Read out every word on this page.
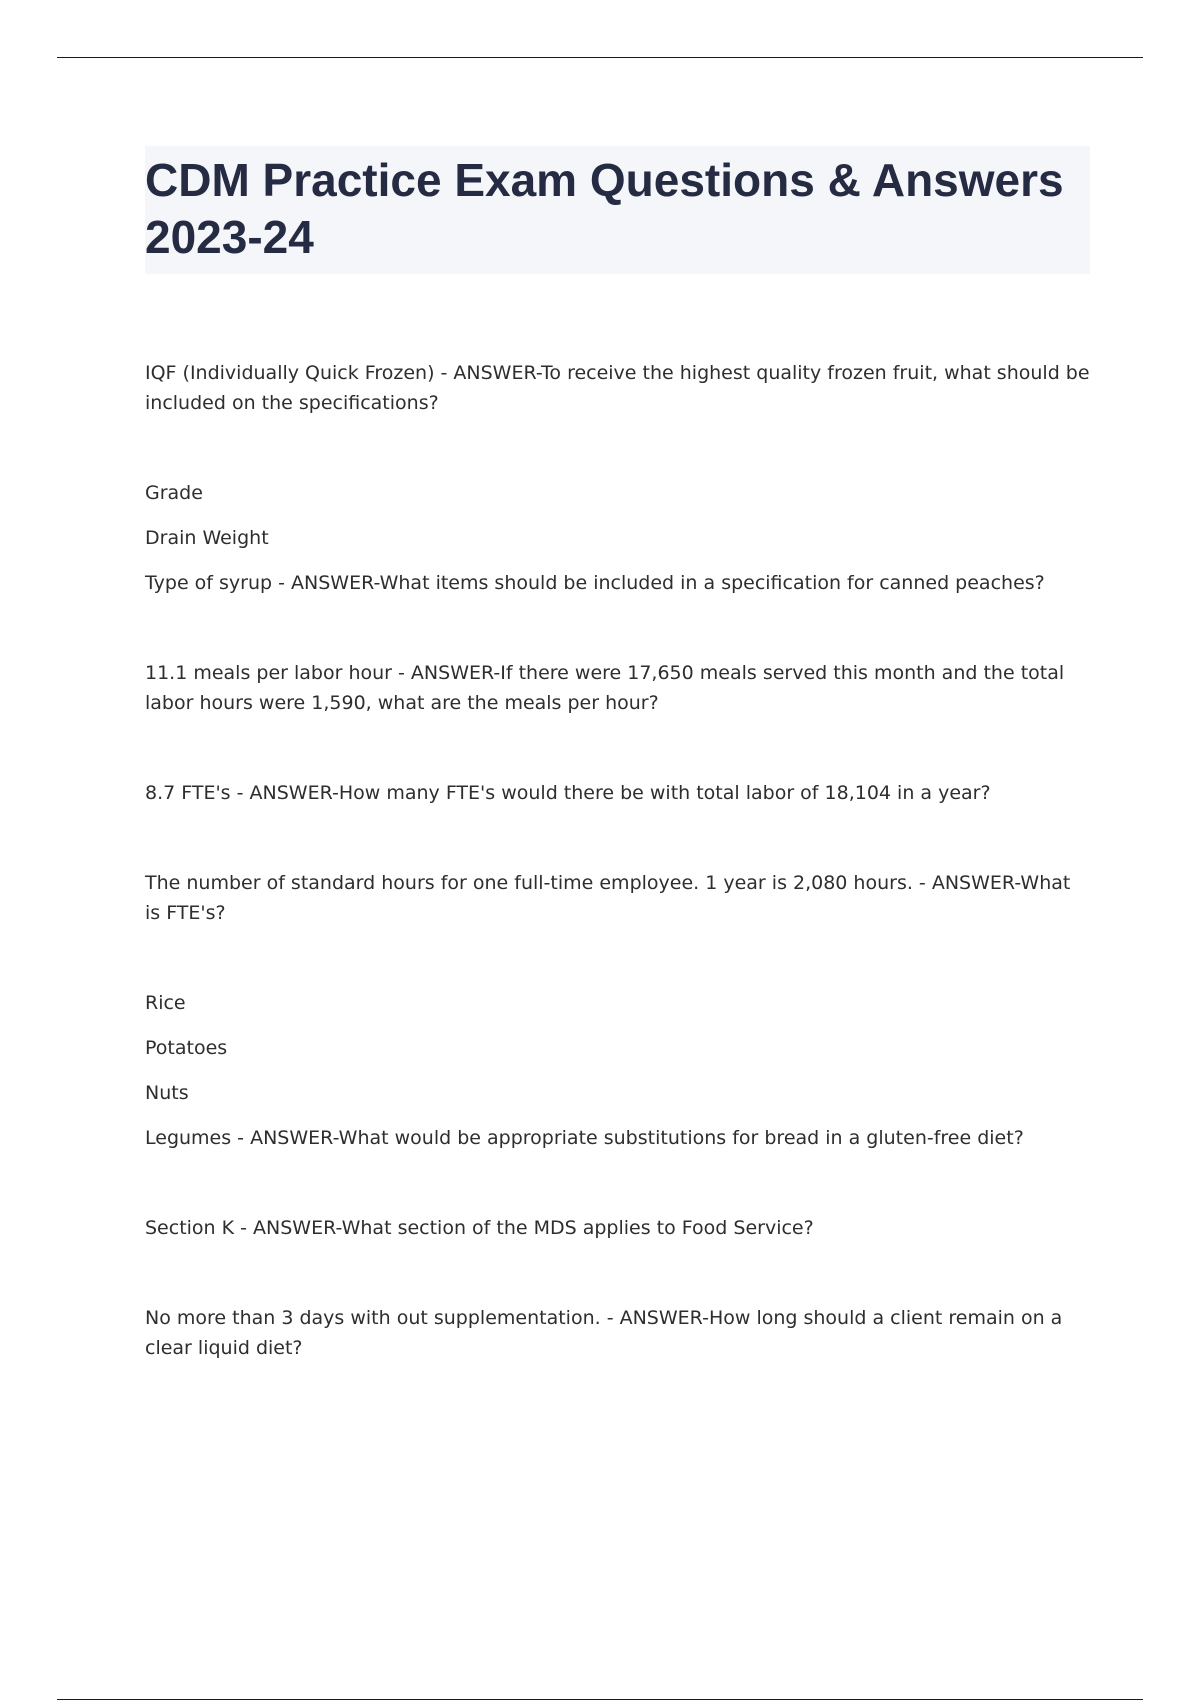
CDM Practice Exam Questions & Answers 2023-24

IQF (Individually Quick Frozen) - ANSWER-To receive the highest quality frozen fruit, what should be included on the specifications?

Grade

Drain Weight

Type of syrup - ANSWER-What items should be included in a specification for canned peaches?

11.1 meals per labor hour - ANSWER-If there were 17,650 meals served this month and the total labor hours were 1,590, what are the meals per hour?

8.7 FTE's - ANSWER-How many FTE's would there be with total labor of 18,104 in a year?

The number of standard hours for one full-time employee. 1 year is 2,080 hours. - ANSWER-What is FTE's?

Rice

Potatoes

Nuts

Legumes - ANSWER-What would be appropriate substitutions for bread in a gluten-free diet?

Section K - ANSWER-What section of the MDS applies to Food Service?

No more than 3 days with out supplementation. - ANSWER-How long should a client remain on a clear liquid diet?
